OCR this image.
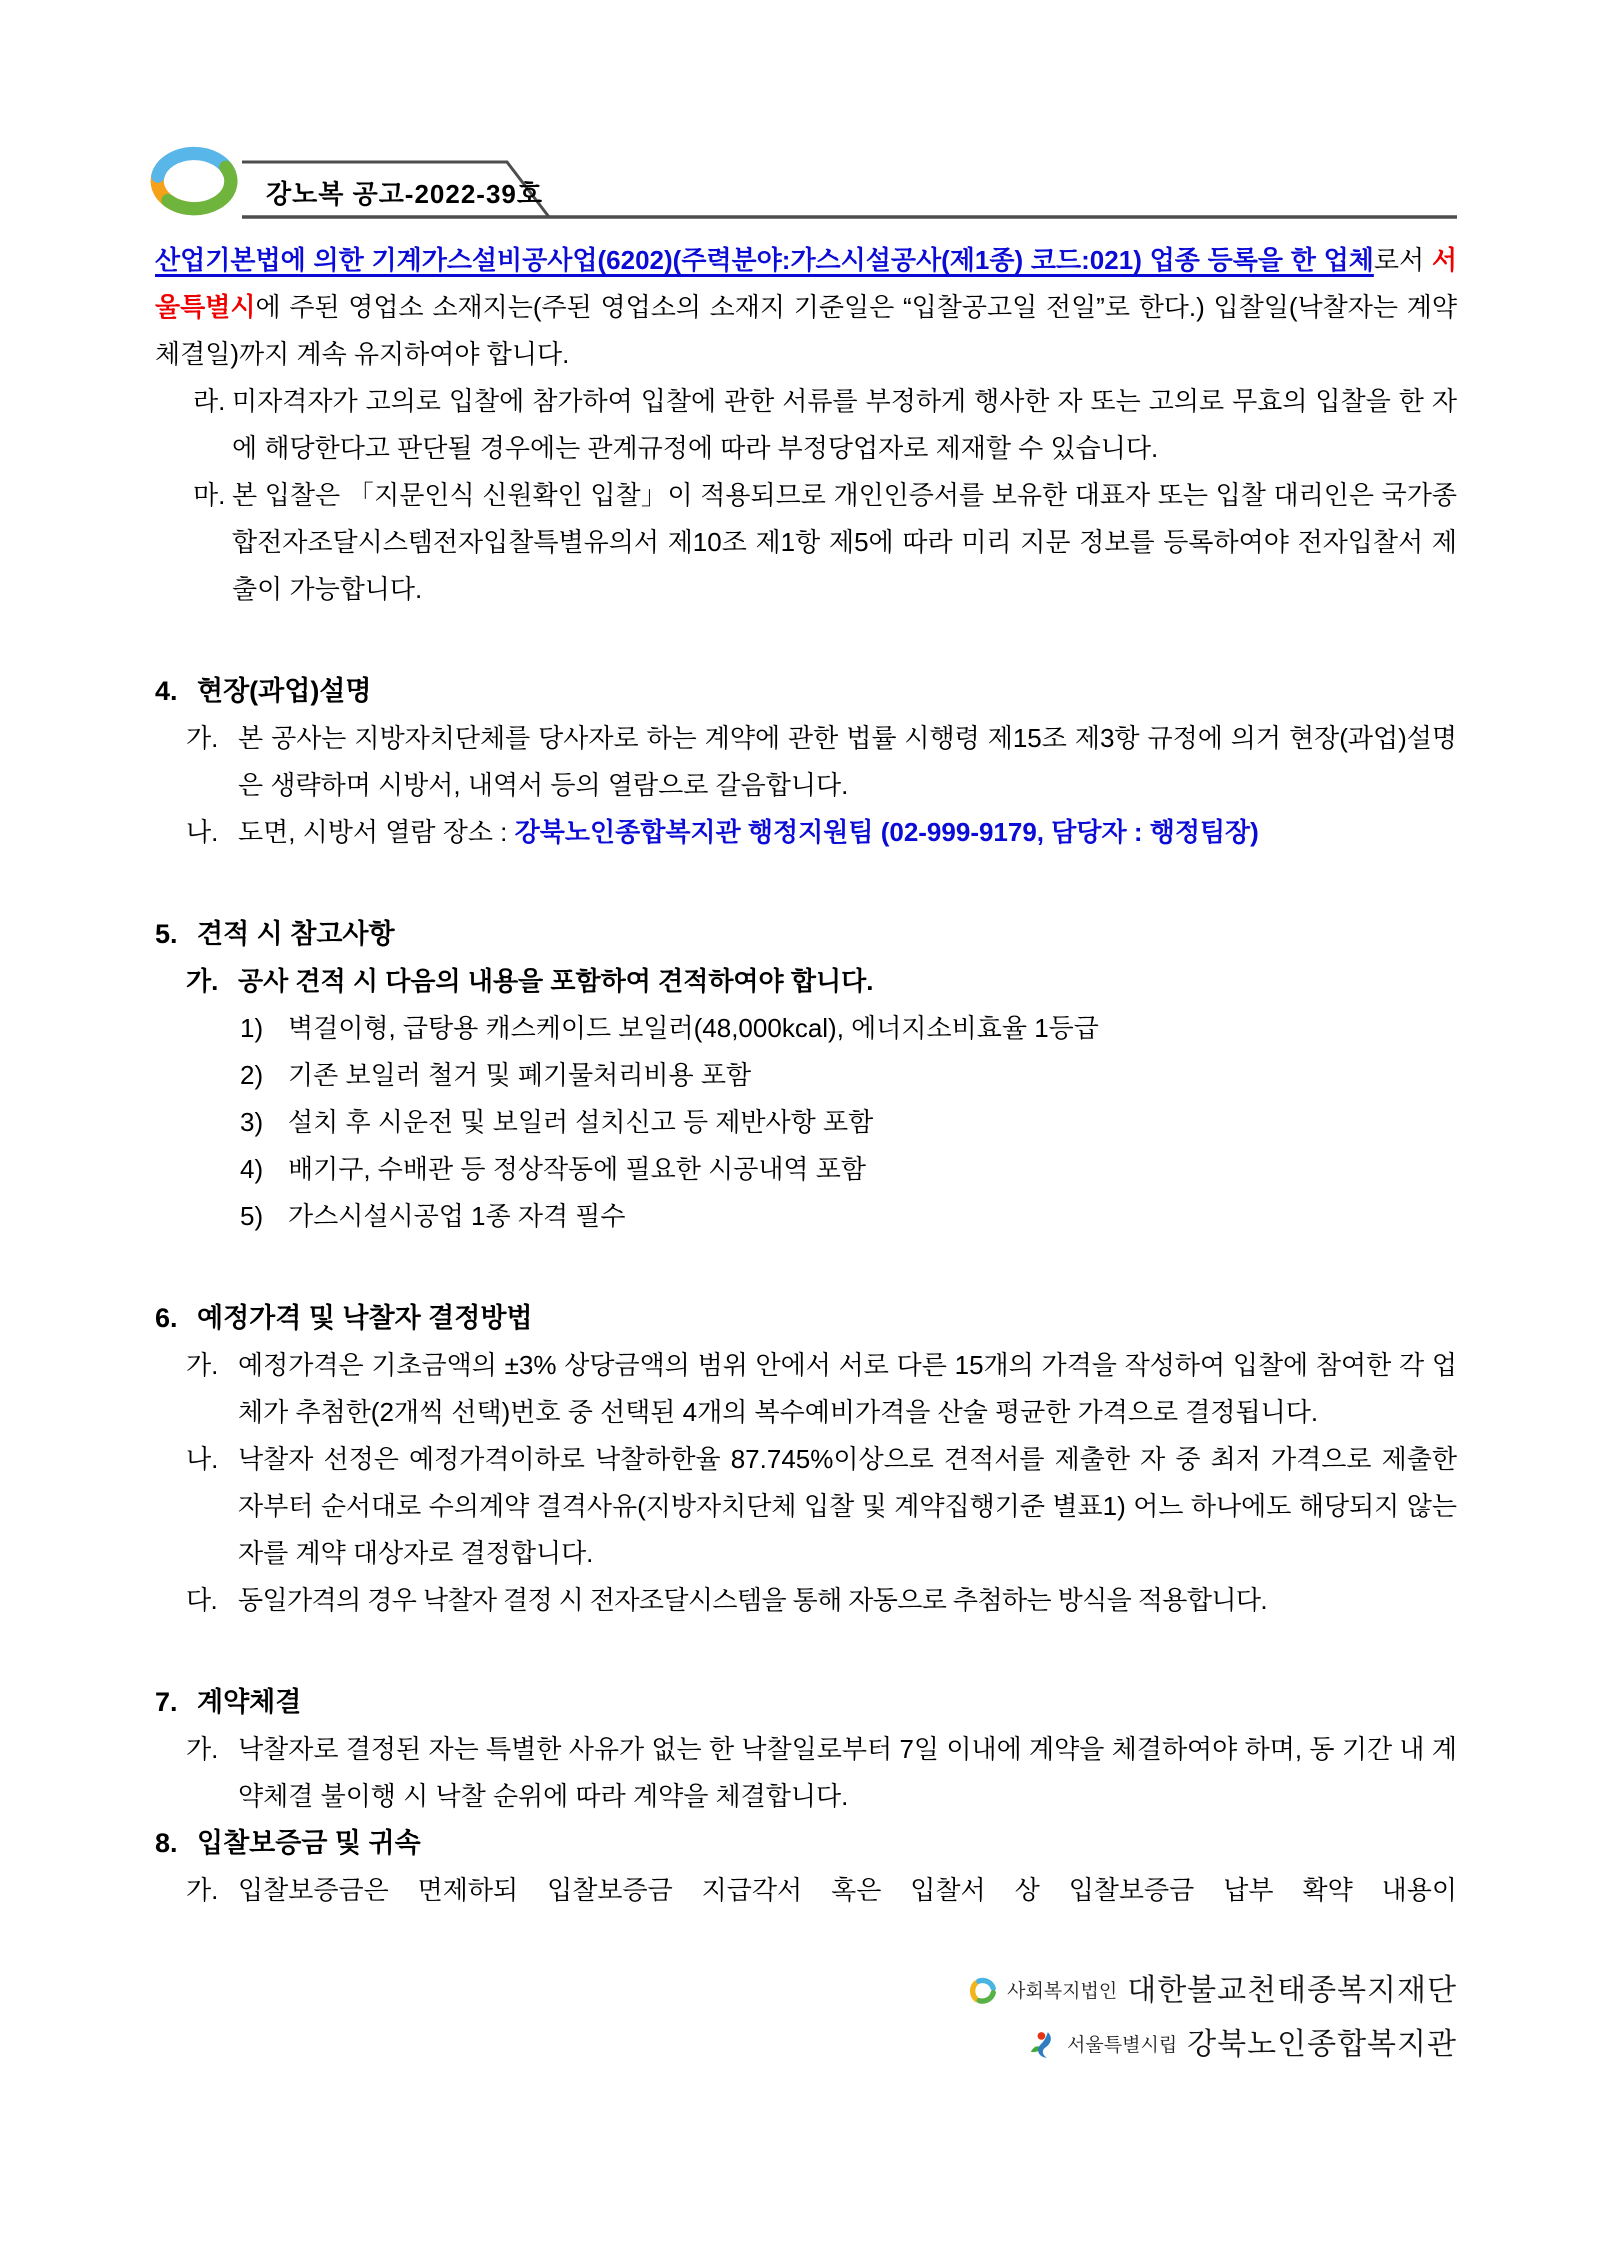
강노복 공고-2022-39호

산업기본법에 의한 기계가스설비공사업(6202)(주력분야:가스시설공사(제1종) 코드:021) 업종 등록을 한 업체로서 서울특별시에 주된 영업소 소재지는(주된 영업소의 소재지 기준일은 “입찰공고일 전일”로 한다.) 입찰일(낙찰자는 계약체결일)까지 계속 유지하여야 합니다.

라. 미자격자가 고의로 입찰에 참가하여 입찰에 관한 서류를 부정하게 행사한 자 또는 고의로 무효의 입찰을 한 자에 해당한다고 판단될 경우에는 관계규정에 따라 부정당업자로 제재할 수 있습니다.
마. 본 입찰은 「지문인식 신원확인 입찰」이 적용되므로 개인인증서를 보유한 대표자 또는 입찰 대리인은 국가종합전자조달시스템전자입찰특별유의서 제10조 제1항 제5에 따라 미리 지문 정보를 등록하여야 전자입찰서 제출이 가능합니다.
4. 현장(과업)설명
가. 본 공사는 지방자치단체를 당사자로 하는 계약에 관한 법률 시행령 제15조 제3항 규정에 의거 현장(과업)설명은 생략하며 시방서, 내역서 등의 열람으로 갈음합니다.
나. 도면, 시방서 열람 장소 : 강북노인종합복지관 행정지원팀 (02-999-9179, 담당자 : 행정팀장)
5. 견적 시 참고사항
가. 공사 견적 시 다음의 내용을 포함하여 견적하여야 합니다.
1) 벽걸이형, 급탕용 캐스케이드 보일러(48,000kcal), 에너지소비효율 1등급
2) 기존 보일러 철거 및 폐기물처리비용 포함
3) 설치 후 시운전 및 보일러 설치신고 등 제반사항 포함
4) 배기구, 수배관 등 정상작동에 필요한 시공내역 포함
5) 가스시설시공업 1종 자격 필수
6. 예정가격 및 낙찰자 결정방법
가. 예정가격은 기초금액의 ±3% 상당금액의 범위 안에서 서로 다른 15개의 가격을 작성하여 입찰에 참여한 각 업체가 추첨한(2개씩 선택)번호 중 선택된 4개의 복수예비가격을 산술 평균한 가격으로 결정됩니다.
나. 낙찰자 선정은 예정가격이하로 낙찰하한율 87.745%이상으로 견적서를 제출한 자 중 최저 가격으로 제출한 자부터 순서대로 수의계약 결격사유(지방자치단체 입찰 및 계약집행기준 별표1) 어느 하나에도 해당되지 않는 자를 계약 대상자로 결정합니다.
다. 동일가격의 경우 낙찰자 결정 시 전자조달시스템을 통해 자동으로 추첨하는 방식을 적용합니다.
7. 계약체결
가. 낙찰자로 결정된 자는 특별한 사유가 없는 한 낙찰일로부터 7일 이내에 계약을 체결하여야 하며, 동 기간 내 계약체결 불이행 시 낙찰 순위에 따라 계약을 체결합니다.
8. 입찰보증금 및 귀속
가. 입찰보증금은 면제하되 입찰보증금 지급각서 혹은 입찰서 상 입찰보증금 납부 확약 내용이
사회복지법인 대한불교천태종복지재단
서울특별시립 강북노인종합복지관
